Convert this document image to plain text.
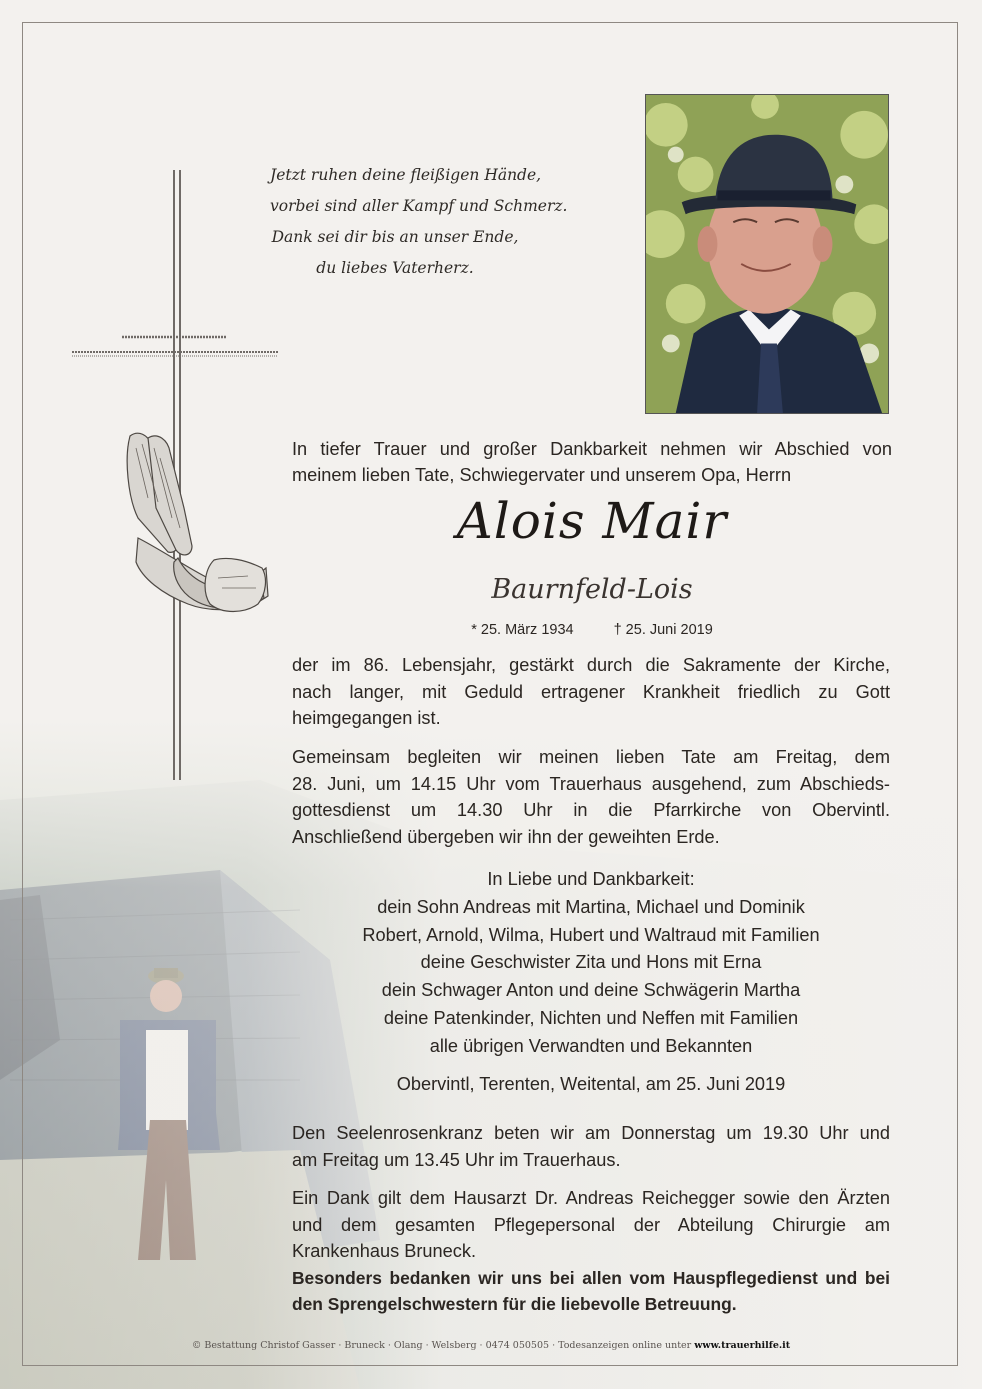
Jetzt ruhen deine fleißigen Hände,
vorbei sind aller Kampf und Schmerz.
Dank sei dir bis an unser Ende,
du liebes Vaterherz.
In tiefer Trauer und großer Dankbarkeit nehmen wir Abschied von
meinem lieben Tate, Schwiegervater und unserem Opa, Herrn
Alois Mair
Baurnfeld-Lois
* 25. März 1934	† 25. Juni 2019
der im 86. Lebensjahr, gestärkt durch die Sakramente der Kirche,
nach langer, mit Geduld ertragener Krankheit friedlich zu Gott
heimgegangen ist.
Gemeinsam begleiten wir meinen lieben Tate am Freitag, dem
28. Juni, um 14.15 Uhr vom Trauerhaus ausgehend, zum Abschieds-
gottesdienst um 14.30 Uhr in die Pfarrkirche von Obervintl.
Anschließend übergeben wir ihn der geweihten Erde.
In Liebe und Dankbarkeit:
dein Sohn Andreas mit Martina, Michael und Dominik
Robert, Arnold, Wilma, Hubert und Waltraud mit Familien
deine Geschwister Zita und Hons mit Erna
dein Schwager Anton und deine Schwägerin Martha
deine Patenkinder, Nichten und Neffen mit Familien
alle übrigen Verwandten und Bekannten
Obervintl, Terenten, Weitental, am 25. Juni 2019
Den Seelenrosenkranz beten wir am Donnerstag um 19.30 Uhr und
am Freitag um 13.45 Uhr im Trauerhaus.
Ein Dank gilt dem Hausarzt Dr. Andreas Reichegger sowie den Ärzten
und dem gesamten Pflegepersonal der Abteilung Chirurgie am
Krankenhaus Bruneck.
Besonders bedanken wir uns bei allen vom Hauspflegedienst und bei
den Sprengelschwestern für die liebevolle Betreuung.
© Bestattung Christof Gasser · Bruneck · Olang · Welsberg · 0474 050505 · Todesanzeigen online unter www.trauerhilfe.it
